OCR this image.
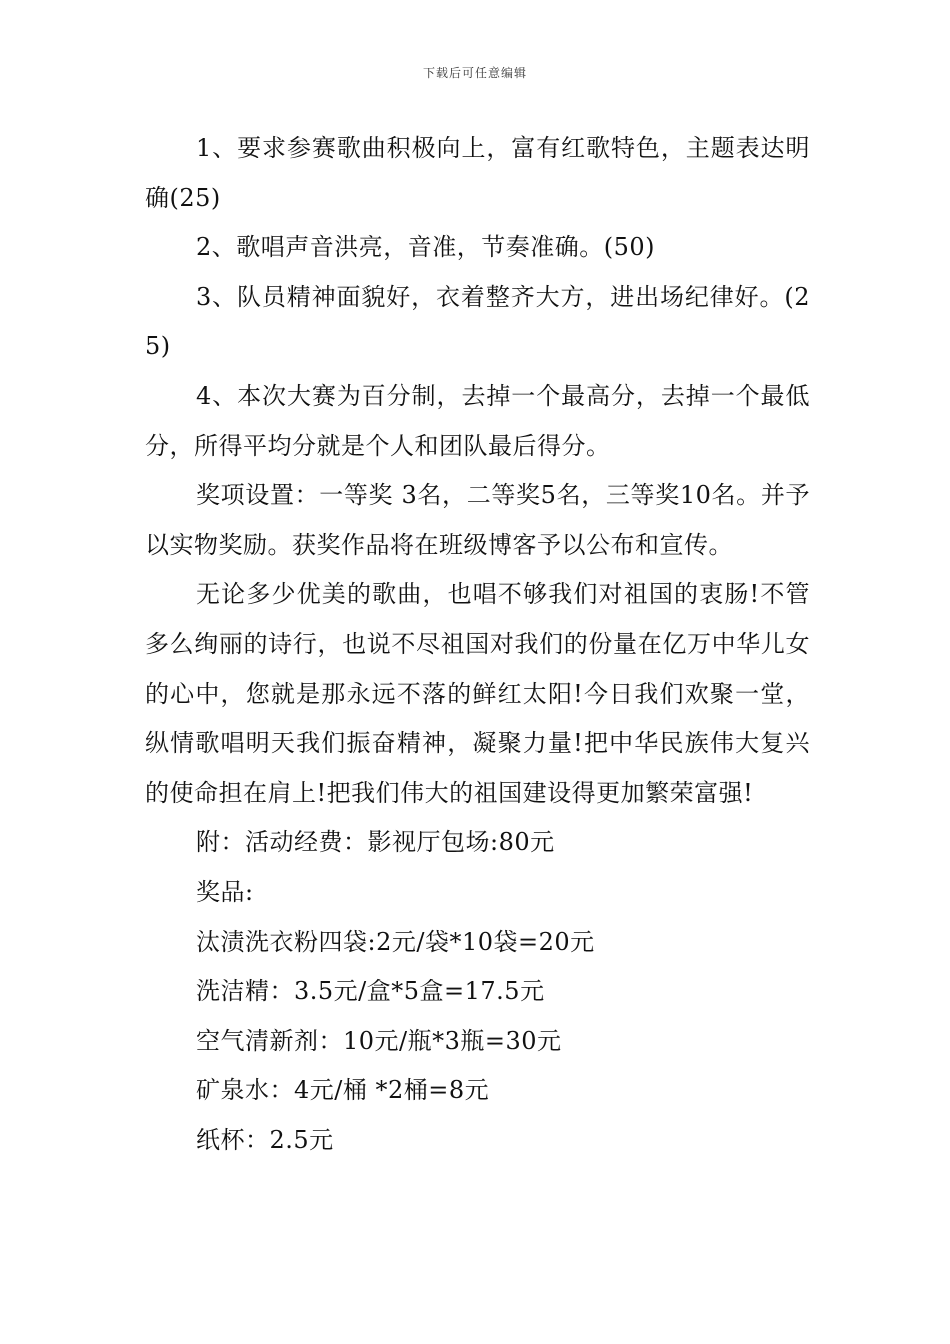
下载后可任意编辑

1、要求参赛歌曲积极向上，富有红歌特色，主题表达明确(25)

2、歌唱声音洪亮，音准，节奏准确。(50)

3、队员精神面貌好，衣着整齐大方，进出场纪律好。(25)

4、本次大赛为百分制，去掉一个最高分，去掉一个最低分，所得平均分就是个人和团队最后得分。

奖项设置：一等奖 3名，二等奖5名，三等奖10名。并予以实物奖励。获奖作品将在班级博客予以公布和宣传。

无论多少优美的歌曲，也唱不够我们对祖国的衷肠!不管多么绚丽的诗行，也说不尽祖国对我们的份量在亿万中华儿女的心中，您就是那永远不落的鲜红太阳!今日我们欢聚一堂，纵情歌唱明天我们振奋精神，凝聚力量!把中华民族伟大复兴的使命担在肩上!把我们伟大的祖国建设得更加繁荣富强!

附：活动经费：影视厅包场:80元

奖品:

汰渍洗衣粉四袋:2元/袋*10袋=20元

洗洁精：3.5元/盒*5盒=17.5元

空气清新剂：10元/瓶*3瓶=30元

矿泉水：4元/桶 *2桶=8元

纸杯：2.5元
